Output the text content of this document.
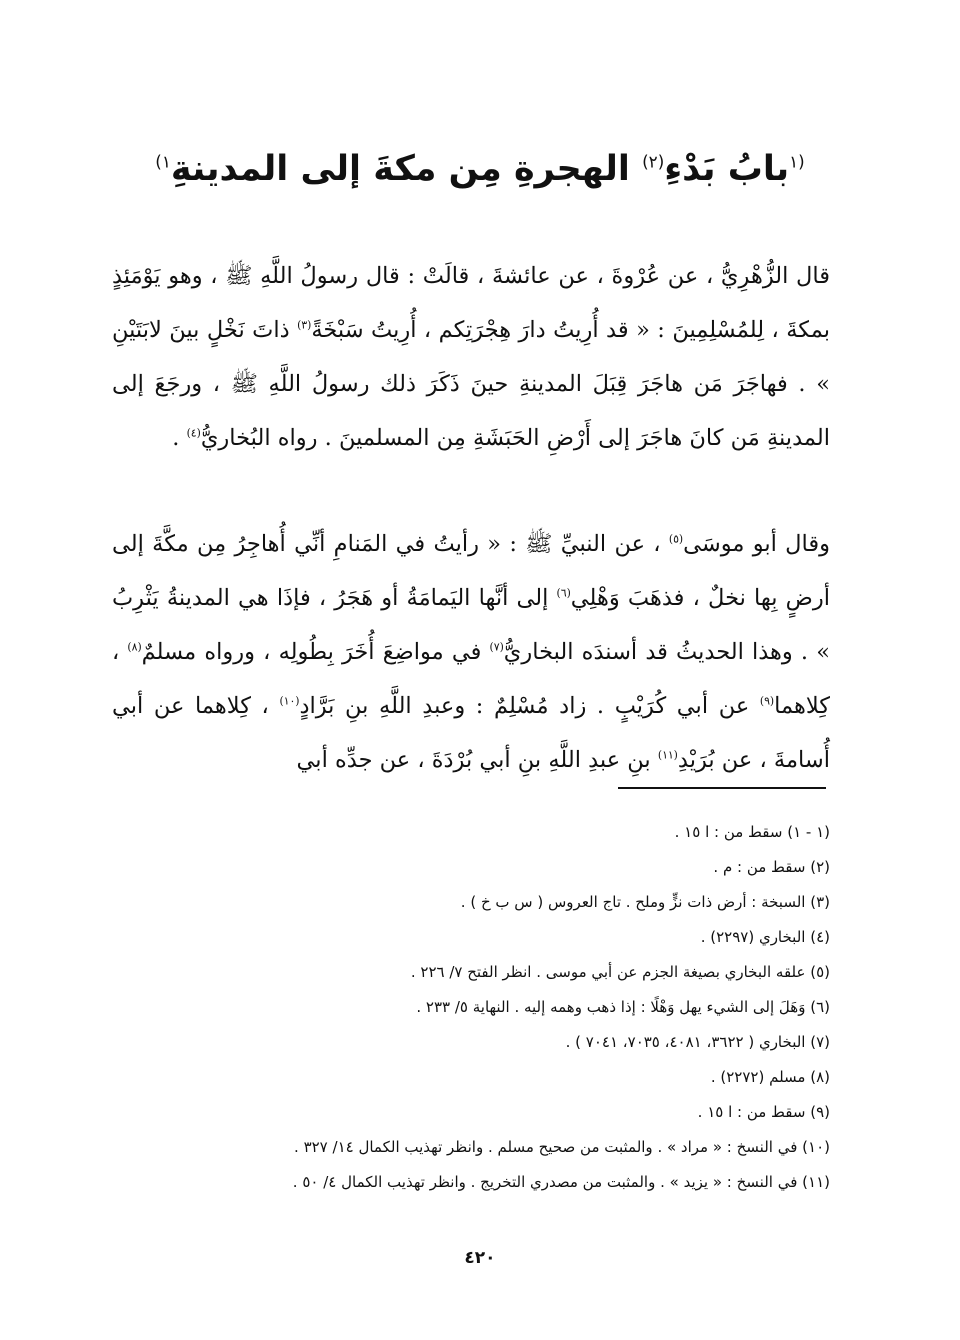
$^{(١}$بابُ بَدْءِ$^{(٢)}$ الهجرةِ مِن مكةَ إلى المدينةِ$^{١)}$

قال الزُّهْرِيُّ ، عن عُرْوةَ ، عن عائشةَ ، قالَتْ : قال رسولُ اللَّهِ ﷺ ، وهو يَوْمَئِذٍ بمكةَ ، لِلمُسْلِمِينَ : « قد أُرِيتُ دارَ هِجْرَتِكم ، أُرِيتُ سَبْخَةً$^{(٣)}$ ذاتَ نَخْلٍ بينَ لابَتَيْنِ » . فهاجَرَ مَن هاجَرَ قِبَلَ المدينةِ حينَ ذَكَرَ ذلك رسولُ اللَّهِ ﷺ ، ورجَعَ إلى المدينةِ مَن كانَ هاجَرَ إلى أَرْضِ الحَبَشَةِ مِن المسلمينَ . رواه البُخاريُّ$^{(٤)}$ .

وقال أبو موسَى$^{(٥)}$ ، عن النبيِّ ﷺ : « رأيتُ في المَنامِ أنِّي أُهاجِرُ مِن مكَّةَ إلى أرضٍ بِها نخلٌ ، فذهَبَ وَهْلِي$^{(٦)}$ إلى أنَّها اليَمامَةُ أو هَجَرُ ، فإذَا هي المدينةُ يَثْرِبُ » . وهذا الحديثُ قد أسندَه البخاريُّ$^{(٧)}$ في مواضِعَ أُخَرَ بِطُولِه ، ورواه مسلمٌ$^{(٨)}$ ، كِلاهما$^{(٩)}$ عن أبي كُرَيْبٍ . زاد مُسْلِمٌ : وعبدِ اللَّهِ بنِ بَرَّادٍ$^{(١٠)}$ ، كِلاهما عن أبي أُسامةَ ، عن بُرَيْدِ$^{(١١)}$ بنِ عبدِ اللَّهِ بنِ أبي بُرْدَةَ ، عن جدِّه أبي

(١ - ١) سقط من : ا ١٥ .
(٢) سقط من : م .
(٣) السبخة : أرض ذات نزٍّ وملح . تاج العروس ( س ب خ ) .
(٤) البخاري (٢٢٩٧) .
(٥) علقه البخاري بصيغة الجزم عن أبي موسى . انظر الفتح ٧/ ٢٢٦ .
(٦) وَهَلَ إلى الشيء يهل وَهْلًا : إذا ذهب وهمه إليه . النهاية ٥/ ٢٣٣ .
(٧) البخاري ( ٣٦٢٢، ٤٠٨١، ٧٠٣٥، ٧٠٤١ ) .
(٨) مسلم (٢٢٧٢) .
(٩) سقط من : ا ١٥ .
(١٠) في النسخ : « مراد » . والمثبت من صحيح مسلم . وانظر تهذيب الكمال ١٤/ ٣٢٧ .
(١١) في النسخ : « يزيد » . والمثبت من مصدري التخريج . وانظر تهذيب الكمال ٤/ ٥٠ .
٤٢٠
